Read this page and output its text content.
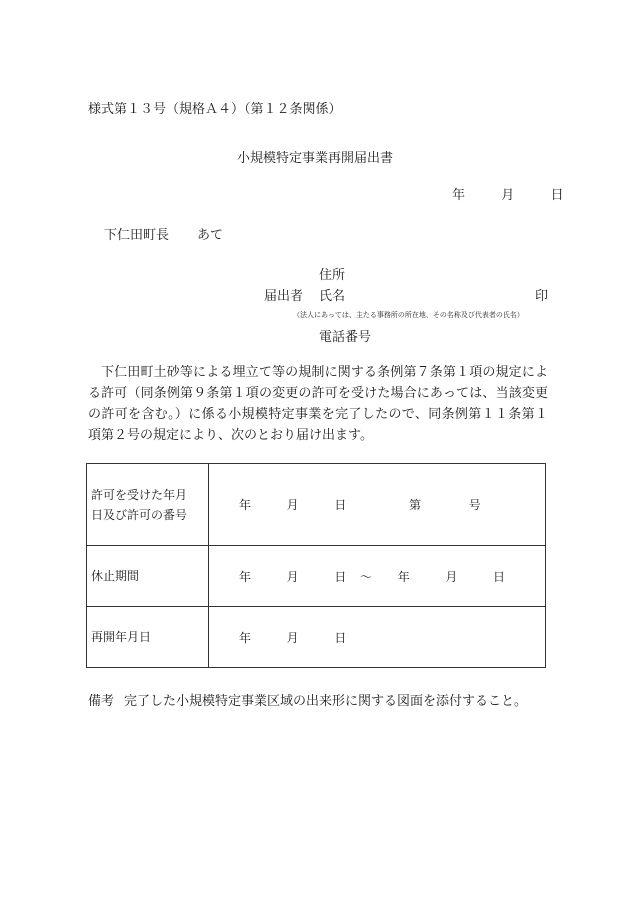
様式第１３号（規格Ａ４）（第１２条関係）
小規模特定事業再開届出書
年	月	日
下仁田町長 あて
住所
届出者 氏名	印
（法人にあっては、主たる事務所の所在地、その名称及び代表者の氏名）
電話番号
下仁田町土砂等による埋立て等の規制に関する条例第７条第１項の規定による許可（同条例第９条第１項の変更の許可を受けた場合にあっては、当該変更の許可を含む。）に係る小規模特定事業を完了したので、同条例第１１条第１項第２号の規定により、次のとおり届け出ます。
許可を受けた年月
日及び許可の番号	年 月 日 第 号
休止期間	年 月 日 ～ 年 月 日
再開年月日	年 月 日
備考 完了した小規模特定事業区域の出来形に関する図面を添付すること。
